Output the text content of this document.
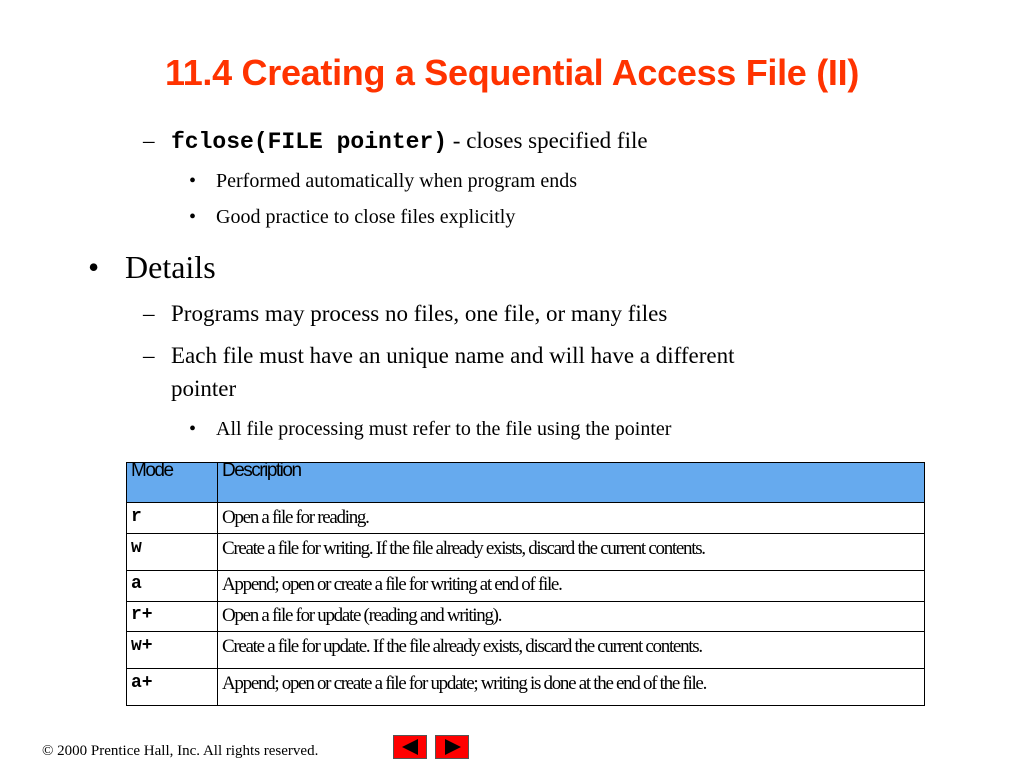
11.4 Creating a Sequential Access File (II)
– fclose(FILE pointer) - closes specified file
• Performed automatically when program ends
• Good practice to close files explicitly
• Details
– Programs may process no files, one file, or many files
– Each file must have an unique name and will have a different
pointer
• All file processing must refer to the file using the pointer
Mode	Description
r	Open a file for reading.
w	Create a file for writing. If the file already exists, discard the current contents.
a	Append; open or create a file for writing at end of file.
r+	Open a file for update (reading and writing).
w+	Create a file for update. If the file already exists, discard the current contents.
a+	Append; open or create a file for update; writing is done at the end of the file.
© 2000 Prentice Hall, Inc. All rights reserved.
